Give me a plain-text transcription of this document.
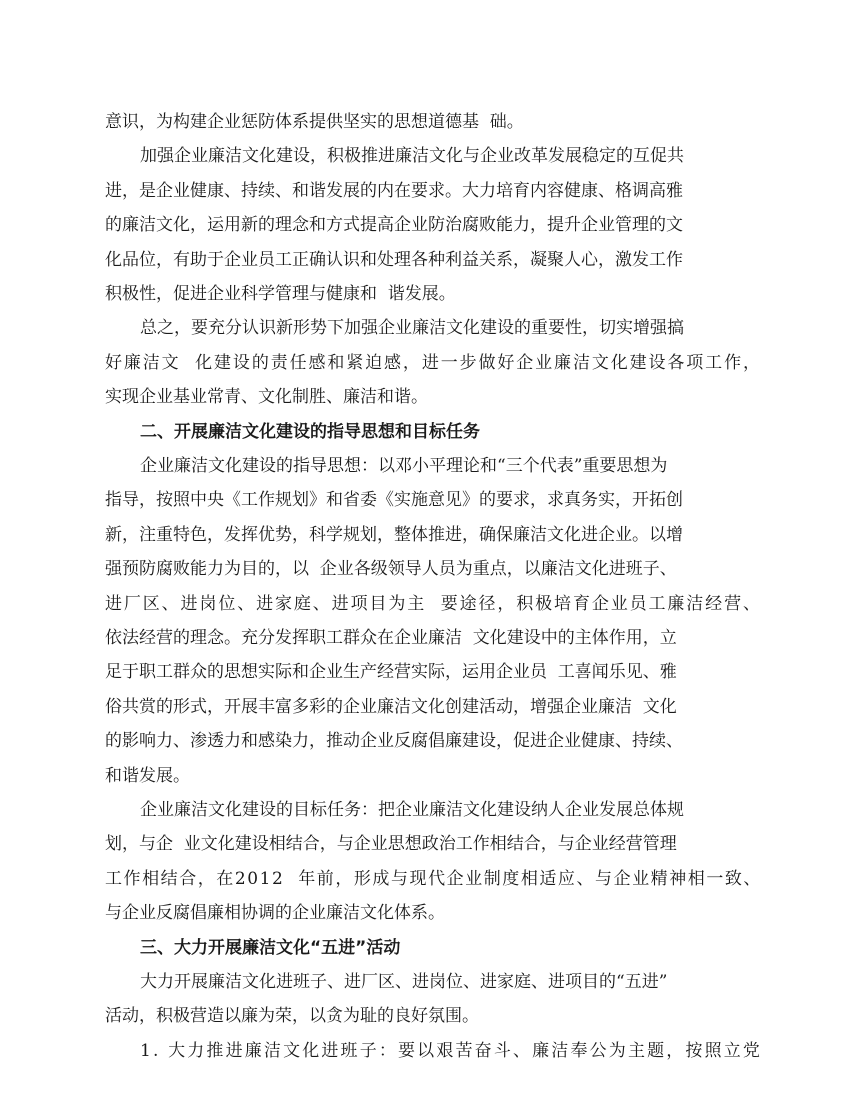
意识，为构建企业惩防体系提供坚实的思想道德基  础。
加强企业廉洁文化建设，积极推进廉洁文化与企业改革发展稳定的互促共
进，是企业健康、持续、和谐发展的内在要求。大力培育内容健康、格调高雅
的廉洁文化，运用新的理念和方式提高企业防治腐败能力，提升企业管理的文
化品位，有助于企业员工正确认识和处理各种利益关系，凝聚人心，激发工作
积极性，促进企业科学管理与健康和  谐发展。
总之，要充分认识新形势下加强企业廉洁文化建设的重要性，切实增强搞
好廉洁文  化建设的责任感和紧迫感，进一步做好企业廉洁文化建设各项工作，
实现企业基业常青、文化制胜、廉洁和谐。
二、开展廉洁文化建设的指导思想和目标任务
企业廉洁文化建设的指导思想：以邓小平理论和“三个代表”重要思想为
指导，按照中央《工作规划》和省委《实施意见》的要求，求真务实，开拓创
新，注重特色，发挥优势，科学规划，整体推进，确保廉洁文化进企业。以增
强预防腐败能力为目的，以  企业各级领导人员为重点，以廉洁文化进班子、
进厂区、进岗位、进家庭、进项目为主  要途径，积极培育企业员工廉洁经营、
依法经营的理念。充分发挥职工群众在企业廉洁  文化建设中的主体作用，立
足于职工群众的思想实际和企业生产经营实际，运用企业员  工喜闻乐见、雅
俗共赏的形式，开展丰富多彩的企业廉洁文化创建活动，增强企业廉洁  文化
的影响力、渗透力和感染力，推动企业反腐倡廉建设，促进企业健康、持续、
和谐发展。
企业廉洁文化建设的目标任务：把企业廉洁文化建设纳人企业发展总体规
划，与企  业文化建设相结合，与企业思想政治工作相结合，与企业经营管理
工作相结合，在2012  年前，形成与现代企业制度相适应、与企业精神相一致、
与企业反腐倡廉相协调的企业廉洁文化体系。
三、大力开展廉洁文化“五进”活动
大力开展廉洁文化进班子、进厂区、进岗位、进家庭、进项目的“五进”
活动，积极营造以廉为荣，以贪为耻的良好氛围。
1. 大力推进廉洁文化进班子：要以艰苦奋斗、廉洁奉公为主题，按照立党
